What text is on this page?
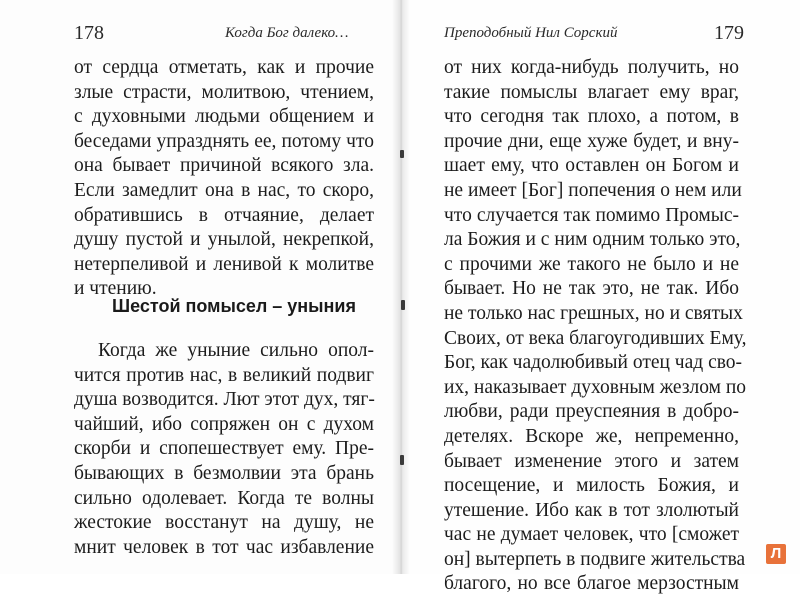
178	Когда Бог далеко…
от сердца отметать, как и прочие
злые страсти, молитвою, чтением,
с духовными людьми общением и
беседами упразднять ее, потому что
она бывает причиной всякого зла.
Если замедлит она в нас, то скоро,
обратившись в отчаяние, делает
душу пустой и унылой, некрепкой,
нетерпеливой и ленивой к молитве
и чтению.
Шестой помысел – уныния
Когда же уныние сильно опол-
чится против нас, в великий подвиг
душа возводится. Лют этот дух, тяг-
чайший, ибо сопряжен он с духом
скорби и спопешествует ему. Пре-
бывающих в безмолвии эта брань
сильно одолевает. Когда те волны
жестокие восстанут на душу, не
мнит человек в тот час избавление
Преподобный Нил Сорский	179
от них когда-нибудь получить, но
такие помыслы влагает ему враг,
что сегодня так плохо, а потом, в
прочие дни, еще хуже будет, и вну-
шает ему, что оставлен он Богом и
не имеет [Бог] попечения о нем или
что случается так помимо Промыс-
ла Божия и с ним одним только это,
с прочими же такого не было и не
бывает. Но не так это, не так. Ибо
не только нас грешных, но и святых
Своих, от века благоугодивших Ему,
Бог, как чадолюбивый отец чад сво-
их, наказывает духовным жезлом по
любви, ради преуспеяния в добро-
детелях. Вскоре же, непременно,
бывает изменение этого и затем
посещение, и милость Божия, и
утешение. Ибо как в тот злолютый
час не думает человек, что [сможет
он] вытерпеть в подвиге жительства
благого, но все благое мерзостным
Л
